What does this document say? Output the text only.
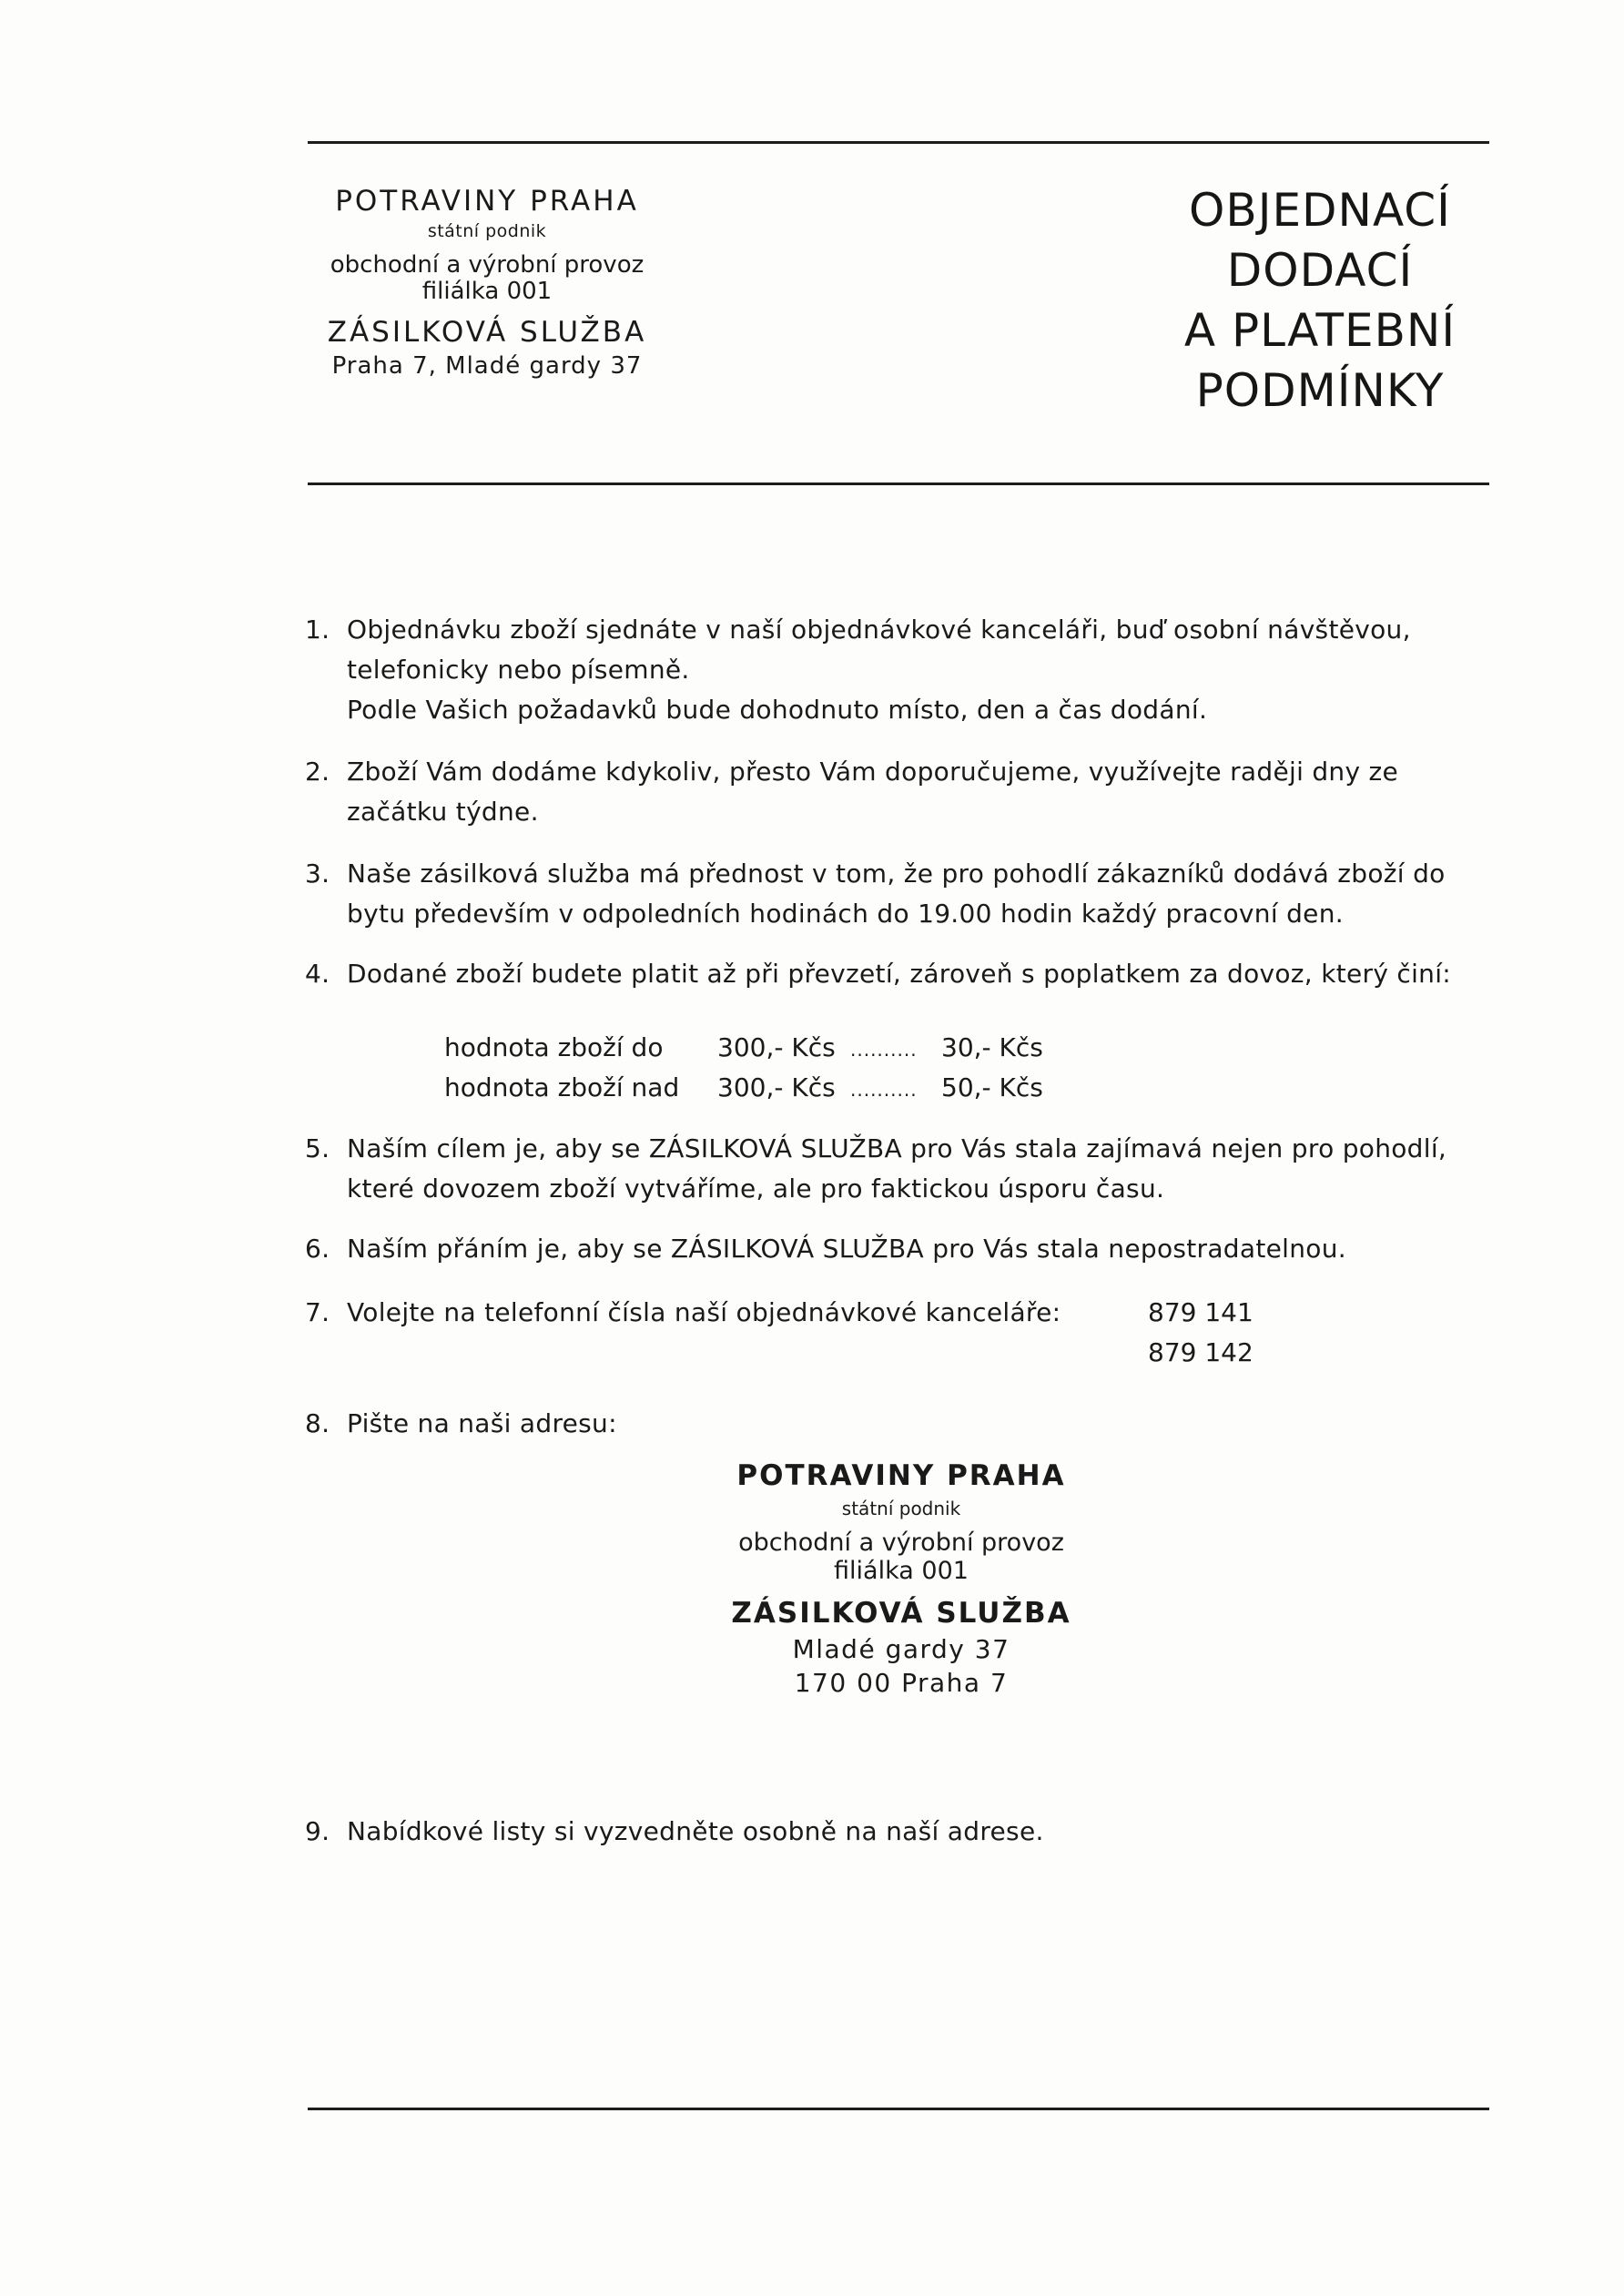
POTRAVINY PRAHA
státní podnik
obchodní a výrobní provoz
filiálka 001
ZÁSILKOVÁ SLUŽBA
Praha 7, Mladé gardy 37
OBJEDNACÍ
DODACÍ
A PLATEBNÍ
PODMÍNKY
1. Objednávku zboží sjednáte v naší objednávkové kanceláři, buď osobní návštěvou,
telefonicky nebo písemně.
Podle Vašich požadavků bude dohodnuto místo, den a čas dodání.
2. Zboží Vám dodáme kdykoliv, přesto Vám doporučujeme, využívejte raději dny ze
začátku týdne.
3. Naše zásilková služba má přednost v tom, že pro pohodlí zákazníků dodává zboží do
bytu především v odpoledních hodinách do 19.00 hodin každý pracovní den.
4. Dodané zboží budete platit až při převzetí, zároveň s poplatkem za dovoz, který činí:
5. Naším cílem je, aby se ZÁSILKOVÁ SLUŽBA pro Vás stala zajímavá nejen pro pohodlí,
které dovozem zboží vytváříme, ale pro faktickou úsporu času.
6. Naším přáním je, aby se ZÁSILKOVÁ SLUŽBA pro Vás stala nepostradatelnou.
7. Volejte na telefonní čísla naší objednávkové kanceláře:
8. Pište na naši adresu:
9. Nabídkové listy si vyzvedněte osobně na naší adrese.
hodnota zboží do 300,- Kčs .......... 30,- Kčs
hodnota zboží nad 300,- Kčs .......... 50,- Kčs
879 141
879 142
POTRAVINY PRAHA
státní podnik
obchodní a výrobní provoz
filiálka 001
ZÁSILKOVÁ SLUŽBA
Mladé gardy 37
170 00 Praha 7
